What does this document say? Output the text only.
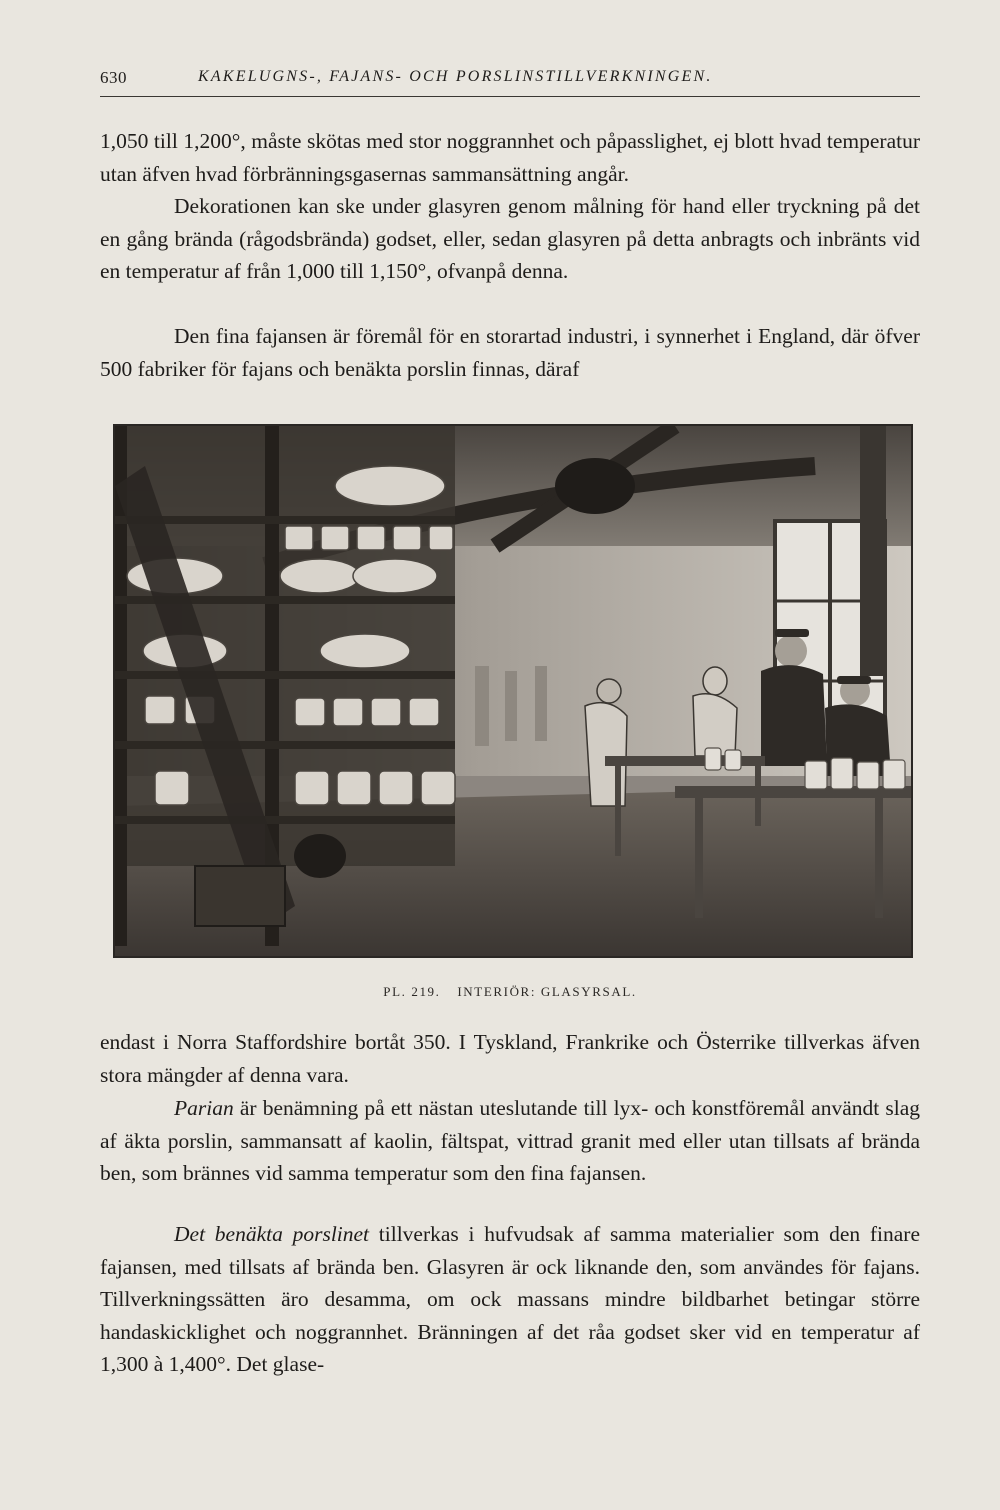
630	KAKELUGNS-, FAJANS- OCH PORSLINSTILLVERKNINGEN.

1,050 till 1,200°, måste skötas med stor noggrannhet och påpasslighet, ej blott hvad temperatur utan äfven hvad förbränningsgasernas sammansättning angår.

Dekorationen kan ske under glasyren genom målning för hand eller tryckning på det en gång brända (rågodsbrända) godset, eller, sedan glasyren på detta anbragts och inbränts vid en temperatur af från 1,000 till 1,150°, ofvanpå denna.

Den fina fajansen är föremål för en storartad industri, i synnerhet i England, där öfver 500 fabriker för fajans och benäkta porslin finnas, däraf

PL. 219. INTERIÖR: GLASYRSAL.

endast i Norra Staffordshire bortåt 350. I Tyskland, Frankrike och Österrike tillverkas äfven stora mängder af denna vara.

Parian är benämning på ett nästan uteslutande till lyx- och konstföremål användt slag af äkta porslin, sammansatt af kaolin, fältspat, vittrad granit med eller utan tillsats af brända ben, som brännes vid samma temperatur som den fina fajansen.

Det benäkta porslinet tillverkas i hufvudsak af samma materialier som den finare fajansen, med tillsats af brända ben. Glasyren är ock liknande den, som användes för fajans. Tillverkningssätten äro desamma, om ock massans mindre bildbarhet betingar större handaskicklighet och noggrannhet. Bränningen af det råa godset sker vid en temperatur af 1,300 à 1,400°. Det glase-
